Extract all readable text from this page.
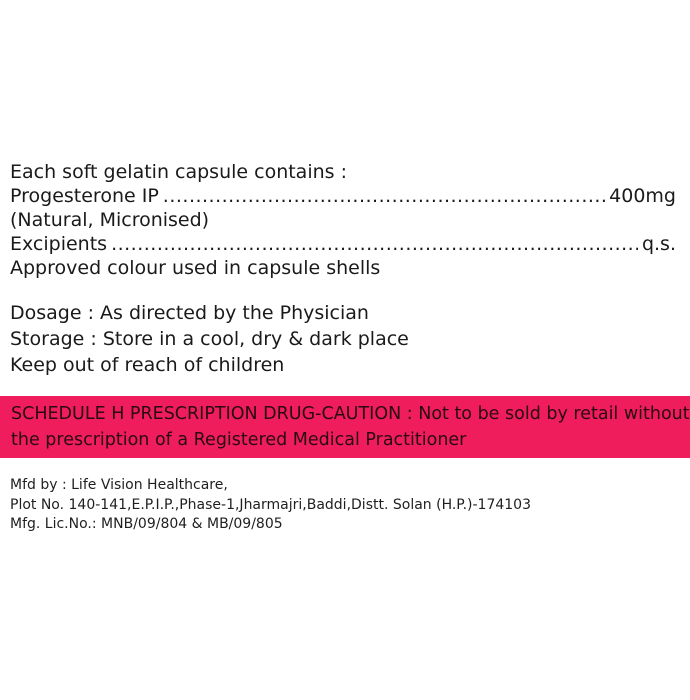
Each soft gelatin capsule contains :
Progesterone IP .....	400mg
(Natural, Micronised)
Excipients .....	q.s.
Approved colour used in capsule shells
Dosage : As directed by the Physician
Storage : Store in a cool, dry & dark place
Keep out of reach of children
SCHEDULE H PRESCRIPTION DRUG-CAUTION : Not to be sold by retail without
the prescription of a Registered Medical Practitioner
Mfd by : Life Vision Healthcare,
Plot No. 140-141,E.P.I.P.,Phase-1,Jharmajri,Baddi,Distt. Solan (H.P.)-174103
Mfg. Lic.No.: MNB/09/804 & MB/09/805
